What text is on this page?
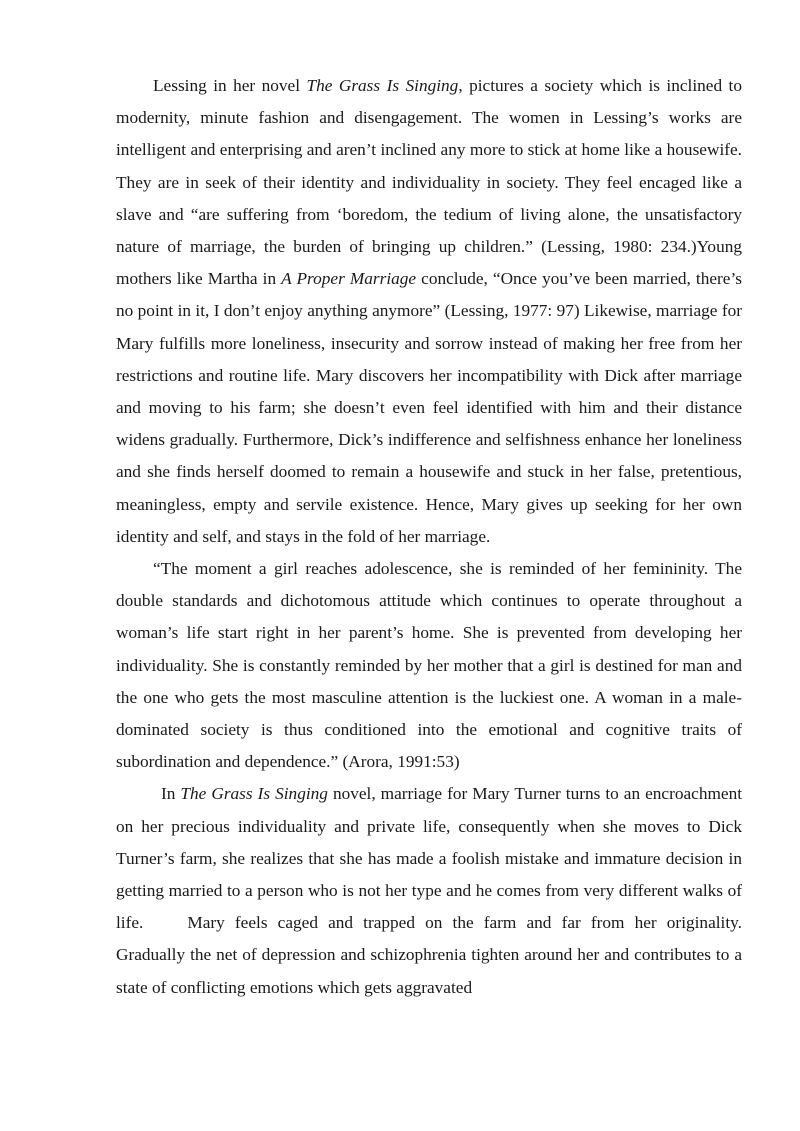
Lessing in her novel The Grass Is Singing, pictures a society which is inclined to modernity, minute fashion and disengagement. The women in Lessing’s works are intelligent and enterprising and aren’t inclined any more to stick at home like a housewife. They are in seek of their identity and individuality in society. They feel encaged like a slave and “are suffering from ‘boredom, the tedium of living alone, the unsatisfactory nature of marriage, the burden of bringing up children.” (Lessing, 1980: 234.)Young mothers like Martha in A Proper Marriage conclude, “Once you’ve been married, there’s no point in it, I don’t enjoy anything anymore” (Lessing, 1977: 97) Likewise, marriage for Mary fulfills more loneliness, insecurity and sorrow instead of making her free from her restrictions and routine life. Mary discovers her incompatibility with Dick after marriage and moving to his farm; she doesn’t even feel identified with him and their distance widens gradually. Furthermore, Dick’s indifference and selfishness enhance her loneliness and she finds herself doomed to remain a housewife and stuck in her false, pretentious, meaningless, empty and servile existence. Hence, Mary gives up seeking for her own identity and self, and stays in the fold of her marriage.

“The moment a girl reaches adolescence, she is reminded of her femininity. The double standards and dichotomous attitude which continues to operate throughout a woman’s life start right in her parent’s home. She is prevented from developing her individuality. She is constantly reminded by her mother that a girl is destined for man and the one who gets the most masculine attention is the luckiest one. A woman in a male-dominated society is thus conditioned into the emotional and cognitive traits of subordination and dependence.” (Arora, 1991:53)

In The Grass Is Singing novel, marriage for Mary Turner turns to an encroachment on her precious individuality and private life, consequently when she moves to Dick Turner’s farm, she realizes that she has made a foolish mistake and immature decision in getting married to a person who is not her type and he comes from very different walks of life.	Mary feels caged and trapped on the farm and far from her originality. Gradually the net of depression and schizophrenia tighten around her and contributes to a state of conflicting emotions which gets aggravated
